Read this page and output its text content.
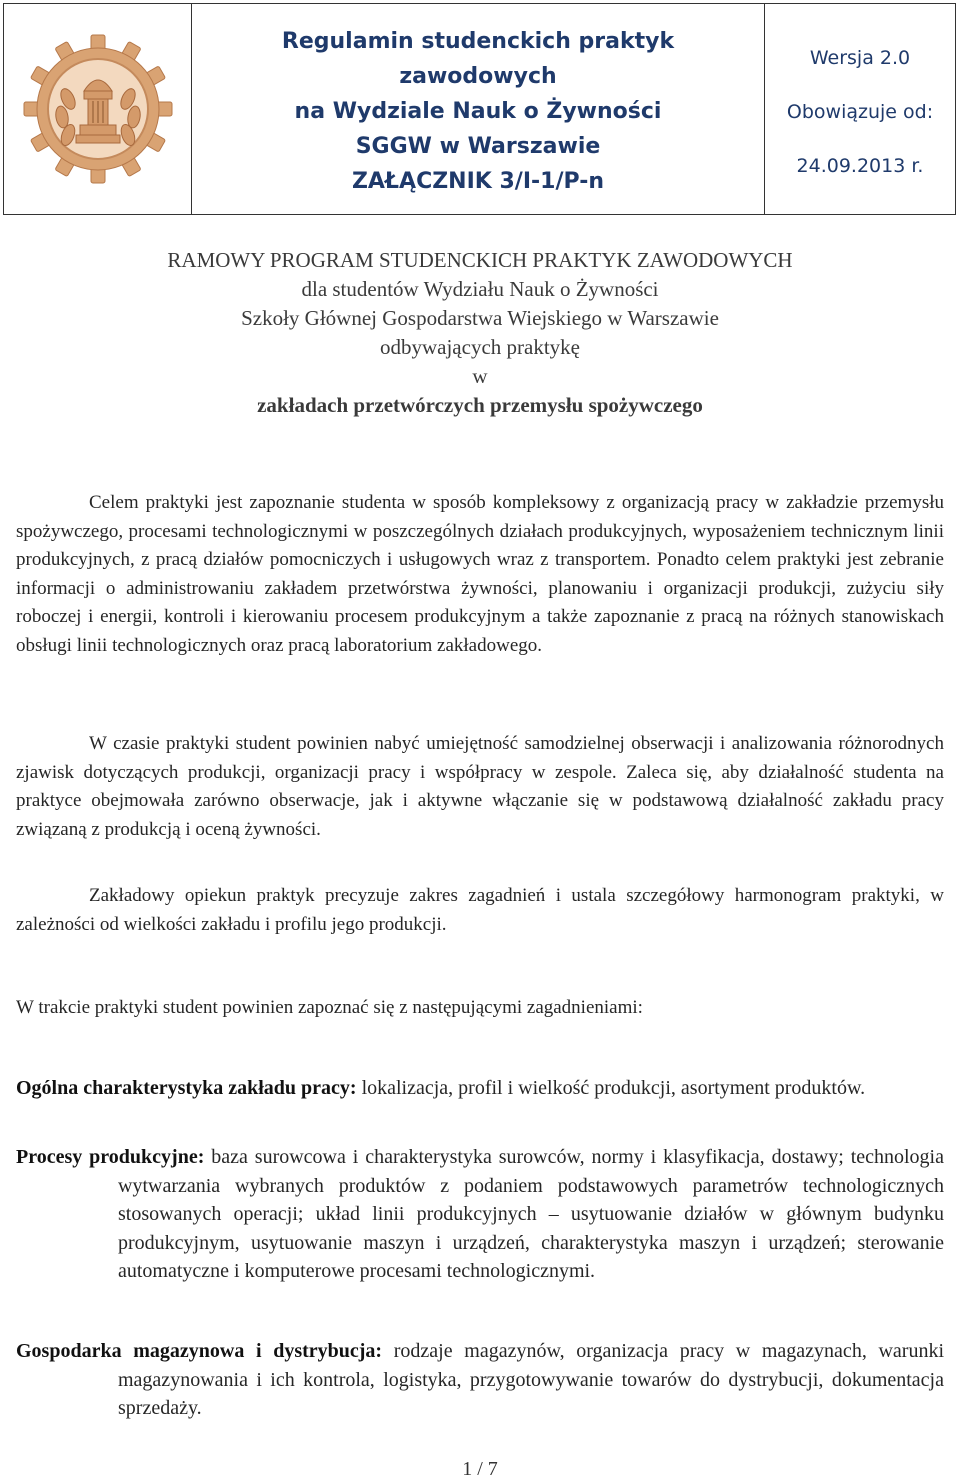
Regulamin studenckich praktyk
zawodowych
na Wydziale Nauk o Żywności
SGGW w Warszawie
ZAŁĄCZNIK 3/I-1/P-n
Wersja 2.0
Obowiązuje od:
24.09.2013 r.
RAMOWY PROGRAM STUDENCKICH PRAKTYK ZAWODOWYCH
dla studentów Wydziału Nauk o Żywności
Szkoły Głównej Gospodarstwa Wiejskiego w Warszawie
odbywających praktykę
w
zakładach przetwórczych przemysłu spożywczego
Celem praktyki jest zapoznanie studenta w sposób kompleksowy z organizacją pracy w zakładzie przemysłu spożywczego, procesami technologicznymi w poszczególnych działach produkcyjnych, wyposażeniem technicznym linii produkcyjnych, z pracą działów pomocniczych i usługowych wraz z transportem. Ponadto celem praktyki jest zebranie informacji o administrowaniu zakładem przetwórstwa żywności, planowaniu i organizacji produkcji, zużyciu siły roboczej i energii, kontroli i kierowaniu procesem produkcyjnym a także zapoznanie z pracą na różnych stanowiskach obsługi linii technologicznych oraz pracą laboratorium zakładowego.
W czasie praktyki student powinien nabyć umiejętność samodzielnej obserwacji i analizowania różnorodnych zjawisk dotyczących produkcji, organizacji pracy i współpracy w zespole. Zaleca się, aby działalność studenta na praktyce obejmowała zarówno obserwacje, jak i aktywne włączanie się w podstawową działalność zakładu pracy związaną z produkcją i oceną żywności.
Zakładowy opiekun praktyk precyzuje zakres zagadnień i ustala szczegółowy harmonogram praktyki, w zależności od wielkości zakładu i profilu jego produkcji.
W trakcie praktyki student powinien zapoznać się z następującymi zagadnieniami:
Ogólna charakterystyka zakładu pracy: lokalizacja, profil i wielkość produkcji, asortyment produktów.
Procesy produkcyjne: baza surowcowa i charakterystyka surowców, normy i klasyfikacja, dostawy; technologia wytwarzania wybranych produktów z podaniem podstawowych parametrów technologicznych stosowanych operacji; układ linii produkcyjnych – usytuowanie działów w głównym budynku produkcyjnym, usytuowanie maszyn i urządzeń, charakterystyka maszyn i urządzeń; sterowanie automatyczne i komputerowe procesami technologicznymi.
Gospodarka magazynowa i dystrybucja: rodzaje magazynów, organizacja pracy w magazynach, warunki magazynowania i ich kontrola, logistyka, przygotowywanie towarów do dystrybucji, dokumentacja sprzedaży.
1 / 7
